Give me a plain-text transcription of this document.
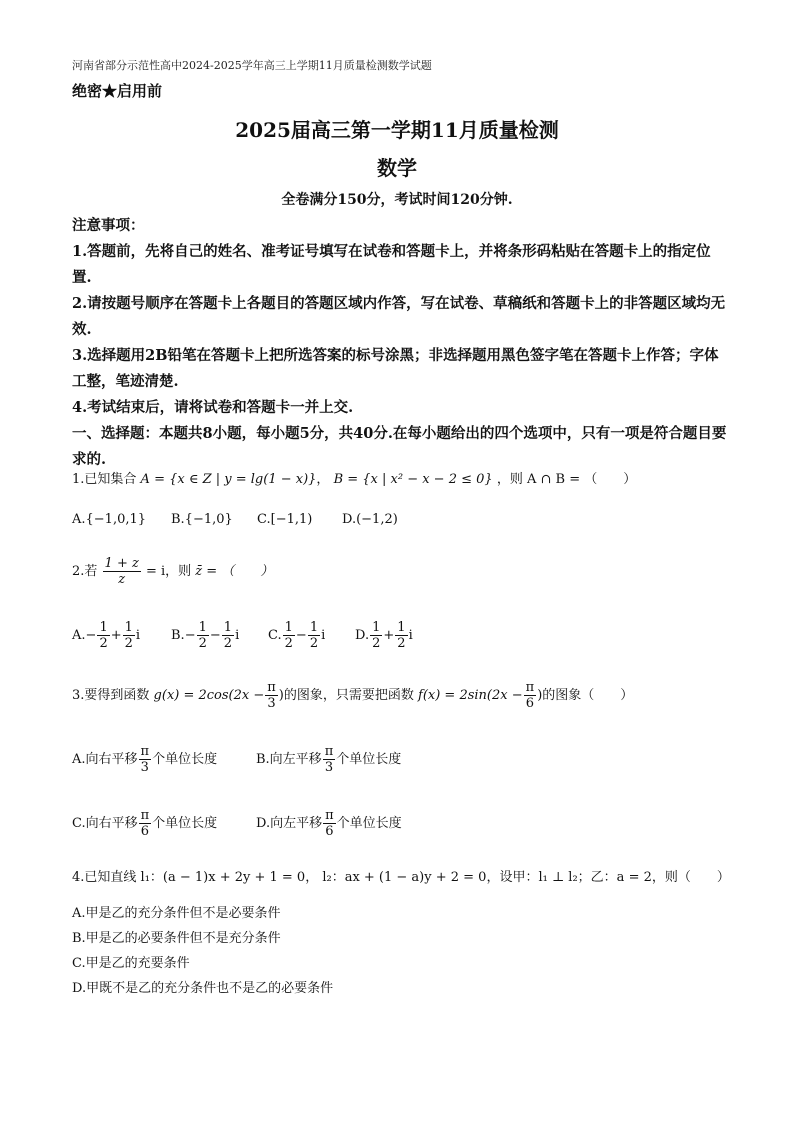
河南省部分示范性高中2024-2025学年高三上学期11月质量检测数学试题
绝密★启用前
2025届高三第一学期11月质量检测
数学
全卷满分150分，考试时间120分钟.

注意事项：

1.答题前，先将自己的姓名、准考证号填写在试卷和答题卡上，并将条形码粘贴在答题卡上的指定位置.

2.请按题号顺序在答题卡上各题目的答题区域内作答，写在试卷、草稿纸和答题卡上的非答题区域均无效.

3.选择题用2B铅笔在答题卡上把所选答案的标号涂黑；非选择题用黑色签字笔在答题卡上作答；字体工整，笔迹清楚.

4.考试结束后，请将试卷和答题卡一并上交.

一、选择题：本题共8小题，每小题5分，共40分.在每小题给出的四个选项中，只有一项是符合题目要求的.

1.已知集合 A = {x ∈ Z | y = lg(1 − x)}， B = {x | x² − x − 2 ≤ 0} ，则 A ∩ B = （　　）
A.{−1,0,1} B.{−1,0} C.[−1,1) D.(−1,2)
2.若 $\frac{1 + z}{z} = i$，则 z̄ = （　　）
$A.- \frac{1}{2} + \frac{1}{2}$ i $B.- \frac{1}{2} - \frac{1}{2}$ i C. $\frac{1}{2} - \frac{1}{2}$ i D. $\frac{1}{2} + \frac{1}{2}$ i
3.要得到函数 $g(x) = 2\cos(2x - \frac{\pi}{3}$ )的图象，只需要把函数 $f(x) = 2\sin(2x - \frac{\pi}{6}$ )的图象（　　）
A.向右平移 $\frac{\pi}{3}$ 个单位长度	B.向左平移 $\frac{\pi}{3}$ 个单位长度
C.向右平移 $\frac{\pi}{6}$ 个单位长度	D.向左平移 $\frac{\pi}{6}$ 个单位长度
4.已知直线 l₁：(a − 1)x + 2y + 1 = 0， l₂：ax + (1 − a)y + 2 = 0，设甲：l₁ ⊥ l₂；乙：a = 2，则（　　）
A.甲是乙的充分条件但不是必要条件
B.甲是乙的必要条件但不是充分条件
C.甲是乙的充要条件
D.甲既不是乙的充分条件也不是乙的必要条件
